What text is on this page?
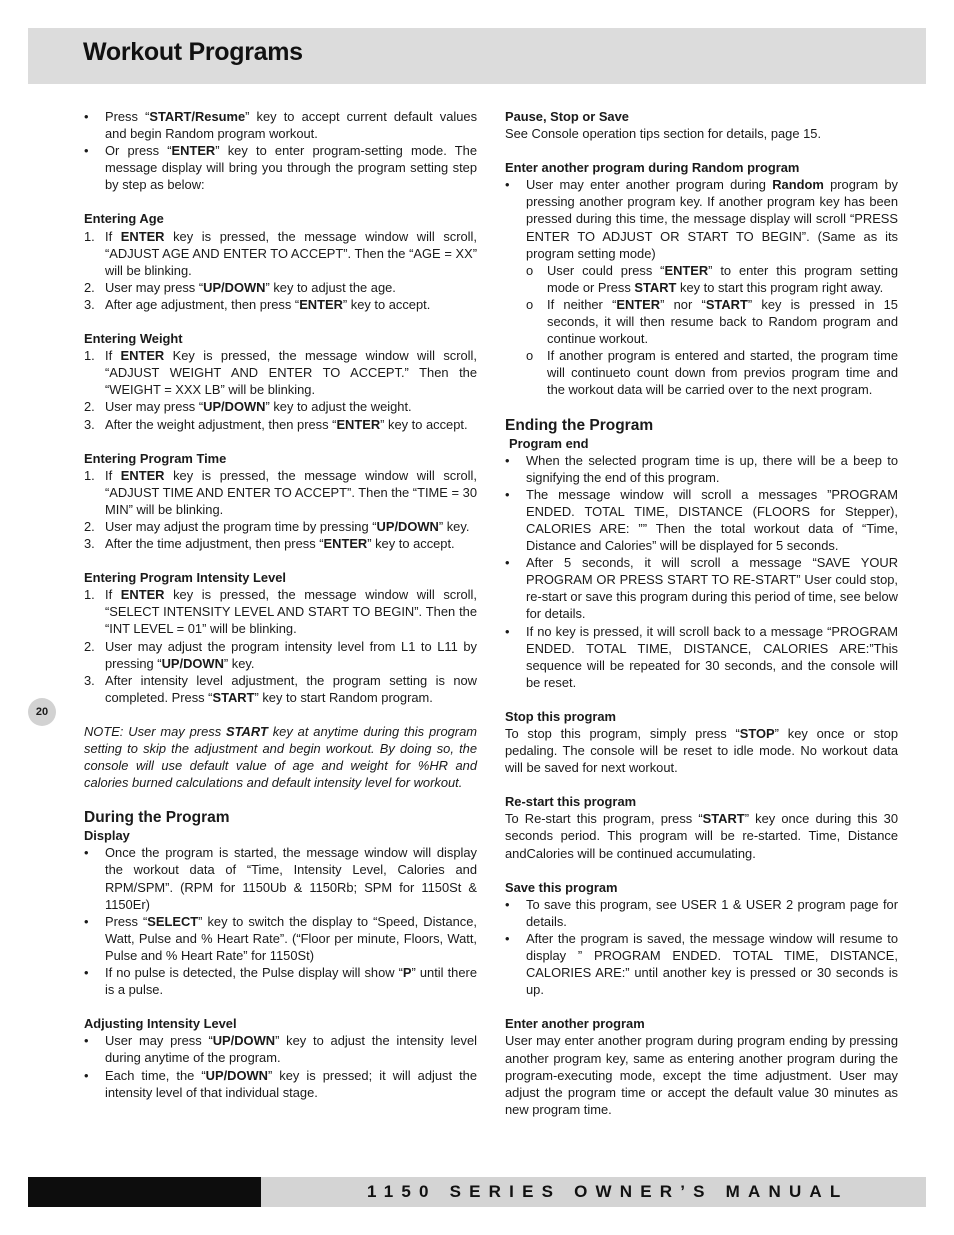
Workout Programs
• Press “START/Resume” key to accept current default values and begin Random program workout.
• Or press “ENTER” key to enter program-setting mode. The message display will bring you through the program setting step by step as below:

Entering Age

1. If ENTER key is pressed, the message window will scroll, “ADJUST AGE AND ENTER TO ACCEPT”. Then the “AGE = XX” will be blinking.
2. User may press “UP/DOWN” key to adjust the age.
3. After age adjustment, then press “ENTER” key to accept.

Entering Weight

1. If ENTER Key is pressed, the message window will scroll, “ADJUST WEIGHT AND ENTER TO ACCEPT.” Then the “WEIGHT = XXX LB” will be blinking.
2. User may press “UP/DOWN” key to adjust the weight.
3. After the weight adjustment, then press “ENTER” key to accept.

Entering Program Time

1. If ENTER key is pressed, the message window will scroll, “ADJUST TIME AND ENTER TO ACCEPT”. Then the “TIME = 30 MIN” will be blinking.
2. User may adjust the program time by pressing “UP/DOWN” key.
3. After the time adjustment, then press “ENTER” key to accept.

Entering Program Intensity Level

1. If ENTER key is pressed, the message window will scroll, “SELECT INTENSITY LEVEL AND START TO BEGIN”. Then the “INT LEVEL = 01” will be blinking.
2. User may adjust the program intensity level from L1 to L11 by pressing “UP/DOWN” key.
3. After intensity level adjustment, the program setting is now completed. Press “START” key to start Random program.

NOTE: User may press START key at anytime during this program setting to skip the adjustment and begin workout. By doing so, the console will use default value of age and weight for %HR and calories burned calculations and default intensity level for workout.

During the Program

Display

• Once the program is started, the message window will display the workout data of “Time, Intensity Level, Calories and RPM/SPM”. (RPM for 1150Ub & 1150Rb; SPM for 1150St & 1150Er)
• Press “SELECT” key to switch the display to “Speed, Distance, Watt, Pulse and % Heart Rate”. (“Floor per minute, Floors, Watt, Pulse and % Heart Rate” for 1150St)
• If no pulse is detected, the Pulse display will show “P” until there is a pulse.

Adjusting Intensity Level

• User may press “UP/DOWN” key to adjust the intensity level during anytime of the program.
• Each time, the “UP/DOWN” key is pressed; it will adjust the intensity level of that individual stage.

Pause, Stop or Save

See Console operation tips section for details, page 15.

Enter another program during Random program

• User may enter another program during Random program by pressing another program key. If another program key has been pressed during this time, the message display will scroll “PRESS ENTER TO ADJUST OR START TO BEGIN”. (Same as its program setting mode)
o User could press “ENTER” to enter this program setting mode or Press START key to start this program right away.
o If neither “ENTER” nor “START” key is pressed in 15 seconds, it will then resume back to Random program and continue workout.
o If another program is entered and started, the program time will continueto count down from previos program time and the workout data will be carried over to the next program.

Ending the Program

Program end

• When the selected program time is up, there will be a beep to signifying the end of this program.
• The message window will scroll a messages ”PROGRAM ENDED. TOTAL TIME, DISTANCE (FLOORS for Stepper), CALORIES ARE: ”” Then the total workout data of “Time, Distance and Calories” will be displayed for 5 seconds.
• After 5 seconds, it will scroll a message “SAVE YOUR PROGRAM OR PRESS START TO RE-START” User could stop, re-start or save this program during this period of time, see below for details.
• If no key is pressed, it will scroll back to a message “PROGRAM ENDED. TOTAL TIME, DISTANCE, CALORIES ARE:”This sequence will be repeated for 30 seconds, and the console will be reset.

Stop this program

To stop this program, simply press “STOP” key once or stop pedaling. The console will be reset to idle mode. No workout data will be saved for next workout.

Re-start this program

To Re-start this program, press “START” key once during this 30 seconds period. This program will be re-started. Time, Distance andCalories will be continued accumulating.

Save this program

• To save this program, see USER 1 & USER 2 program page for details.
• After the program is saved, the message window will resume to display ” PROGRAM ENDED. TOTAL TIME, DISTANCE, CALORIES ARE:” until another key is pressed or 30 seconds is up.

Enter another program

User may enter another program during program ending by pressing another program key, same as entering another program during the program-executing mode, except the time adjustment. User may adjust the program time or accept the default value 30 minutes as new program time.

20

1150 SERIES OWNER’S MANUAL
